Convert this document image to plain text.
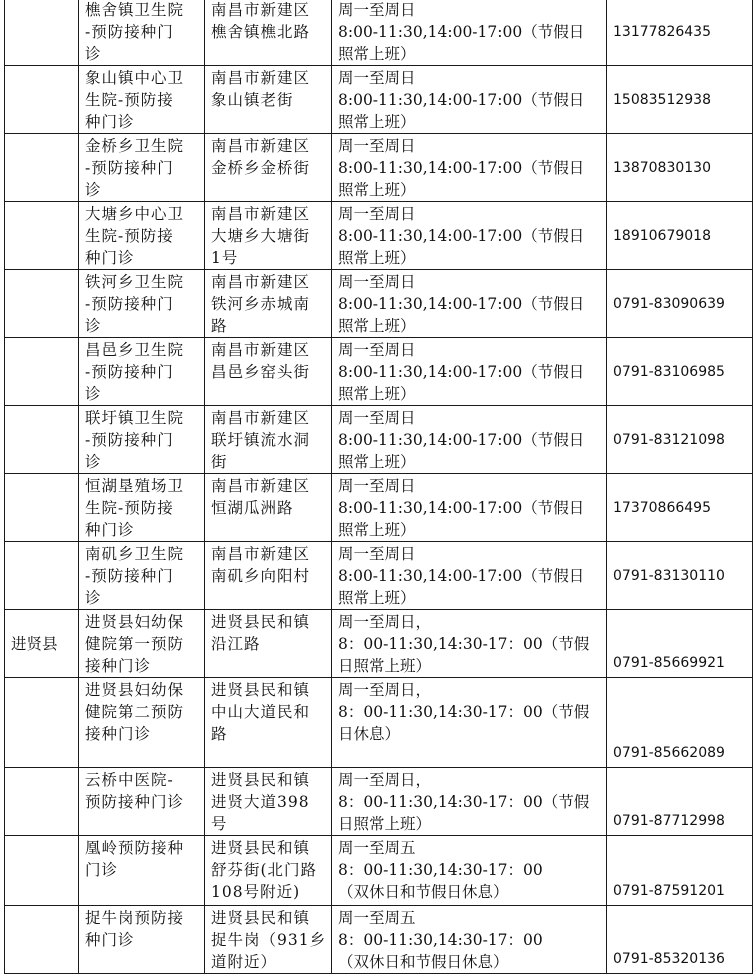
	樵舍镇卫生院
-预防接种门
诊	南昌市新建区
樵舍镇樵北路	周一至周日
8:00-11:30,14:00-17:00（节假日
照常上班）	13177826435

	象山镇中心卫
生院-预防接
种门诊	南昌市新建区
象山镇老街	周一至周日
8:00-11:30,14:00-17:00（节假日
照常上班）	15083512938

	金桥乡卫生院
-预防接种门
诊	南昌市新建区
金桥乡金桥街	周一至周日
8:00-11:30,14:00-17:00（节假日
照常上班）	13870830130

	大塘乡中心卫
生院-预防接
种门诊	南昌市新建区
大塘乡大塘街
1号	周一至周日
8:00-11:30,14:00-17:00（节假日
照常上班）	18910679018

	铁河乡卫生院
-预防接种门
诊	南昌市新建区
铁河乡赤城南
路	周一至周日
8:00-11:30,14:00-17:00（节假日
照常上班）	0791-83090639

	昌邑乡卫生院
-预防接种门
诊	南昌市新建区
昌邑乡窑头街	周一至周日
8:00-11:30,14:00-17:00（节假日
照常上班）	0791-83106985

	联圩镇卫生院
-预防接种门
诊	南昌市新建区
联圩镇流水洞
街	周一至周日
8:00-11:30,14:00-17:00（节假日
照常上班）	0791-83121098

	恒湖垦殖场卫
生院-预防接
种门诊	南昌市新建区
恒湖瓜洲路	周一至周日
8:00-11:30,14:00-17:00（节假日
照常上班）	17370866495

	南矶乡卫生院
-预防接种门
诊	南昌市新建区
南矶乡向阳村	周一至周日
8:00-11:30,14:00-17:00（节假日
照常上班）	0791-83130110
进贤县	进贤县妇幼保
健院第一预防
接种门诊	进贤县民和镇
沿江路	周一至周日，
8：00-11:30,14:30-17：00（节假
日照常上班）	0791-85669921

	进贤县妇幼保
健院第二预防
接种门诊	进贤县民和镇
中山大道民和
路	周一至周日，
8：00-11:30,14:30-17：00（节假
日休息）	0791-85662089

	云桥中医院-
预防接种门诊	进贤县民和镇
进贤大道398
号	周一至周日，
8：00-11:30,14:30-17：00（节假
日照常上班）	0791-87712998

	凰岭预防接种
门诊	进贤县民和镇
舒芬街(北门路
108号附近)	周一至周五
8：00-11:30,14:30-17：00
（双休日和节假日休息）	0791-87591201

	捉牛岗预防接
种门诊	进贤县民和镇
捉牛岗（931乡
道附近）	周一至周五
8：00-11:30,14:30-17：00
（双休日和节假日休息）	0791-85320136
